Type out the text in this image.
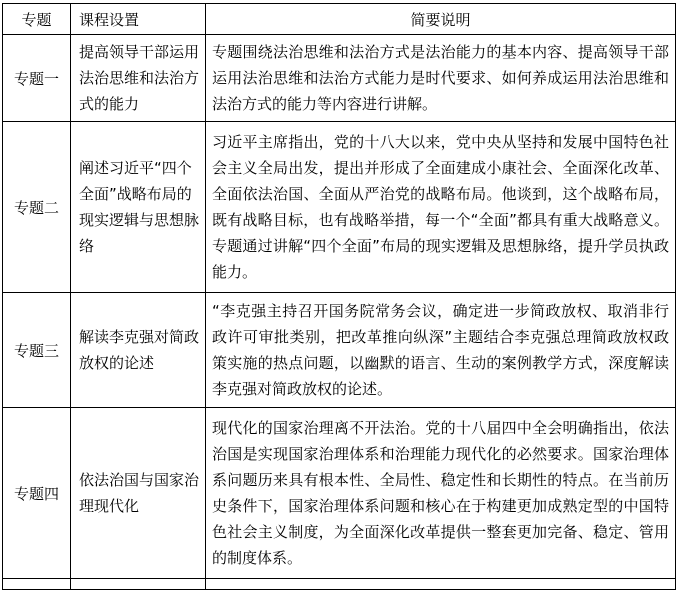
专题	课程设置	简要说明
专题一	提高领导干部运用法治思维和法治方式的能力	专题围绕法治思维和法治方式是法治能力的基本内容、提高领导干部运用法治思维和法治方式能力是时代要求、如何养成运用法治思维和法治方式的能力等内容进行讲解。
专题二	阐述习近平“四个全面”战略布局的现实逻辑与思想脉络	习近平主席指出，党的十八大以来，党中央从坚持和发展中国特色社会主义全局出发，提出并形成了全面建成小康社会、全面深化改革、全面依法治国、全面从严治党的战略布局。他谈到，这个战略布局，既有战略目标，也有战略举措，每一个“全面”都具有重大战略意义。专题通过讲解“四个全面”布局的现实逻辑及思想脉络，提升学员执政能力。
专题三	解读李克强对简政放权的论述	“李克强主持召开国务院常务会议，确定进一步简政放权、取消非行政许可审批类别，把改革推向纵深”主题结合李克强总理简政放权政策实施的热点问题，以幽默的语言、生动的案例教学方式，深度解读李克强对简政放权的论述。
专题四	依法治国与国家治理现代化	现代化的国家治理离不开法治。党的十八届四中全会明确指出，依法治国是实现国家治理体系和治理能力现代化的必然要求。国家治理体系问题历来具有根本性、全局性、稳定性和长期性的特点。在当前历史条件下，国家治理体系问题和核心在于构建更加成熟定型的中国特色社会主义制度，为全面深化改革提供一整套更加完备、稳定、管用的制度体系。
